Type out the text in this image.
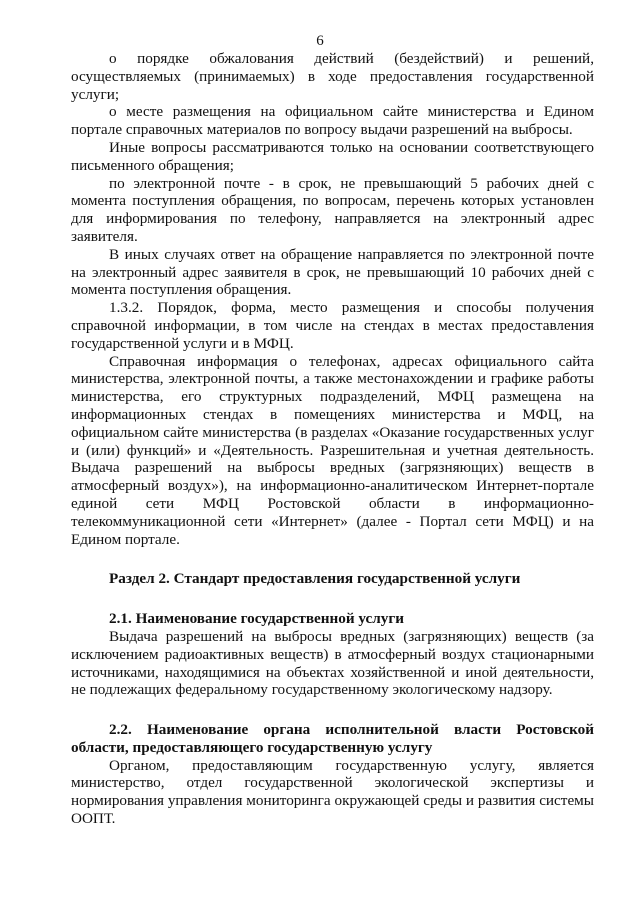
6

о порядке обжалования действий (бездействий) и решений, осуществляемых (принимаемых) в ходе предоставления государственной услуги;

о месте размещения на официальном сайте министерства и Едином портале справочных материалов по вопросу выдачи разрешений на выбросы.

Иные вопросы рассматриваются только на основании соответствующего письменного обращения;

по электронной почте - в срок, не превышающий 5 рабочих дней с момента поступления обращения, по вопросам, перечень которых установлен для информирования по телефону, направляется на электронный адрес заявителя.

В иных случаях ответ на обращение направляется по электронной почте на электронный адрес заявителя в срок, не превышающий 10 рабочих дней с момента поступления обращения.

1.3.2. Порядок, форма, место размещения и способы получения справочной информации, в том числе на стендах в местах предоставления государственной услуги и в МФЦ.

Справочная информация о телефонах, адресах официального сайта министерства, электронной почты, а также местонахождении и графике работы министерства, его структурных подразделений, МФЦ размещена на информационных стендах в помещениях министерства и МФЦ, на официальном сайте министерства (в разделах «Оказание государственных услуг и (или) функций» и «Деятельность. Разрешительная и учетная деятельность. Выдача разрешений на выбросы вредных (загрязняющих) веществ в атмосферный воздух»), на информационно-аналитическом Интернет-портале единой сети МФЦ Ростовской области в информационно-телекоммуникационной сети «Интернет» (далее - Портал сети МФЦ) и на Едином портале.

Раздел 2. Стандарт предоставления государственной услуги

2.1. Наименование государственной услуги

Выдача разрешений на выбросы вредных (загрязняющих) веществ (за исключением радиоактивных веществ) в атмосферный воздух стационарными источниками, находящимися на объектах хозяйственной и иной деятельности, не подлежащих федеральному государственному экологическому надзору.

2.2. Наименование органа исполнительной власти Ростовской области, предоставляющего государственную услугу

Органом, предоставляющим государственную услугу, является министерство, отдел государственной экологической экспертизы и нормирования управления мониторинга окружающей среды и развития системы ООПТ.
